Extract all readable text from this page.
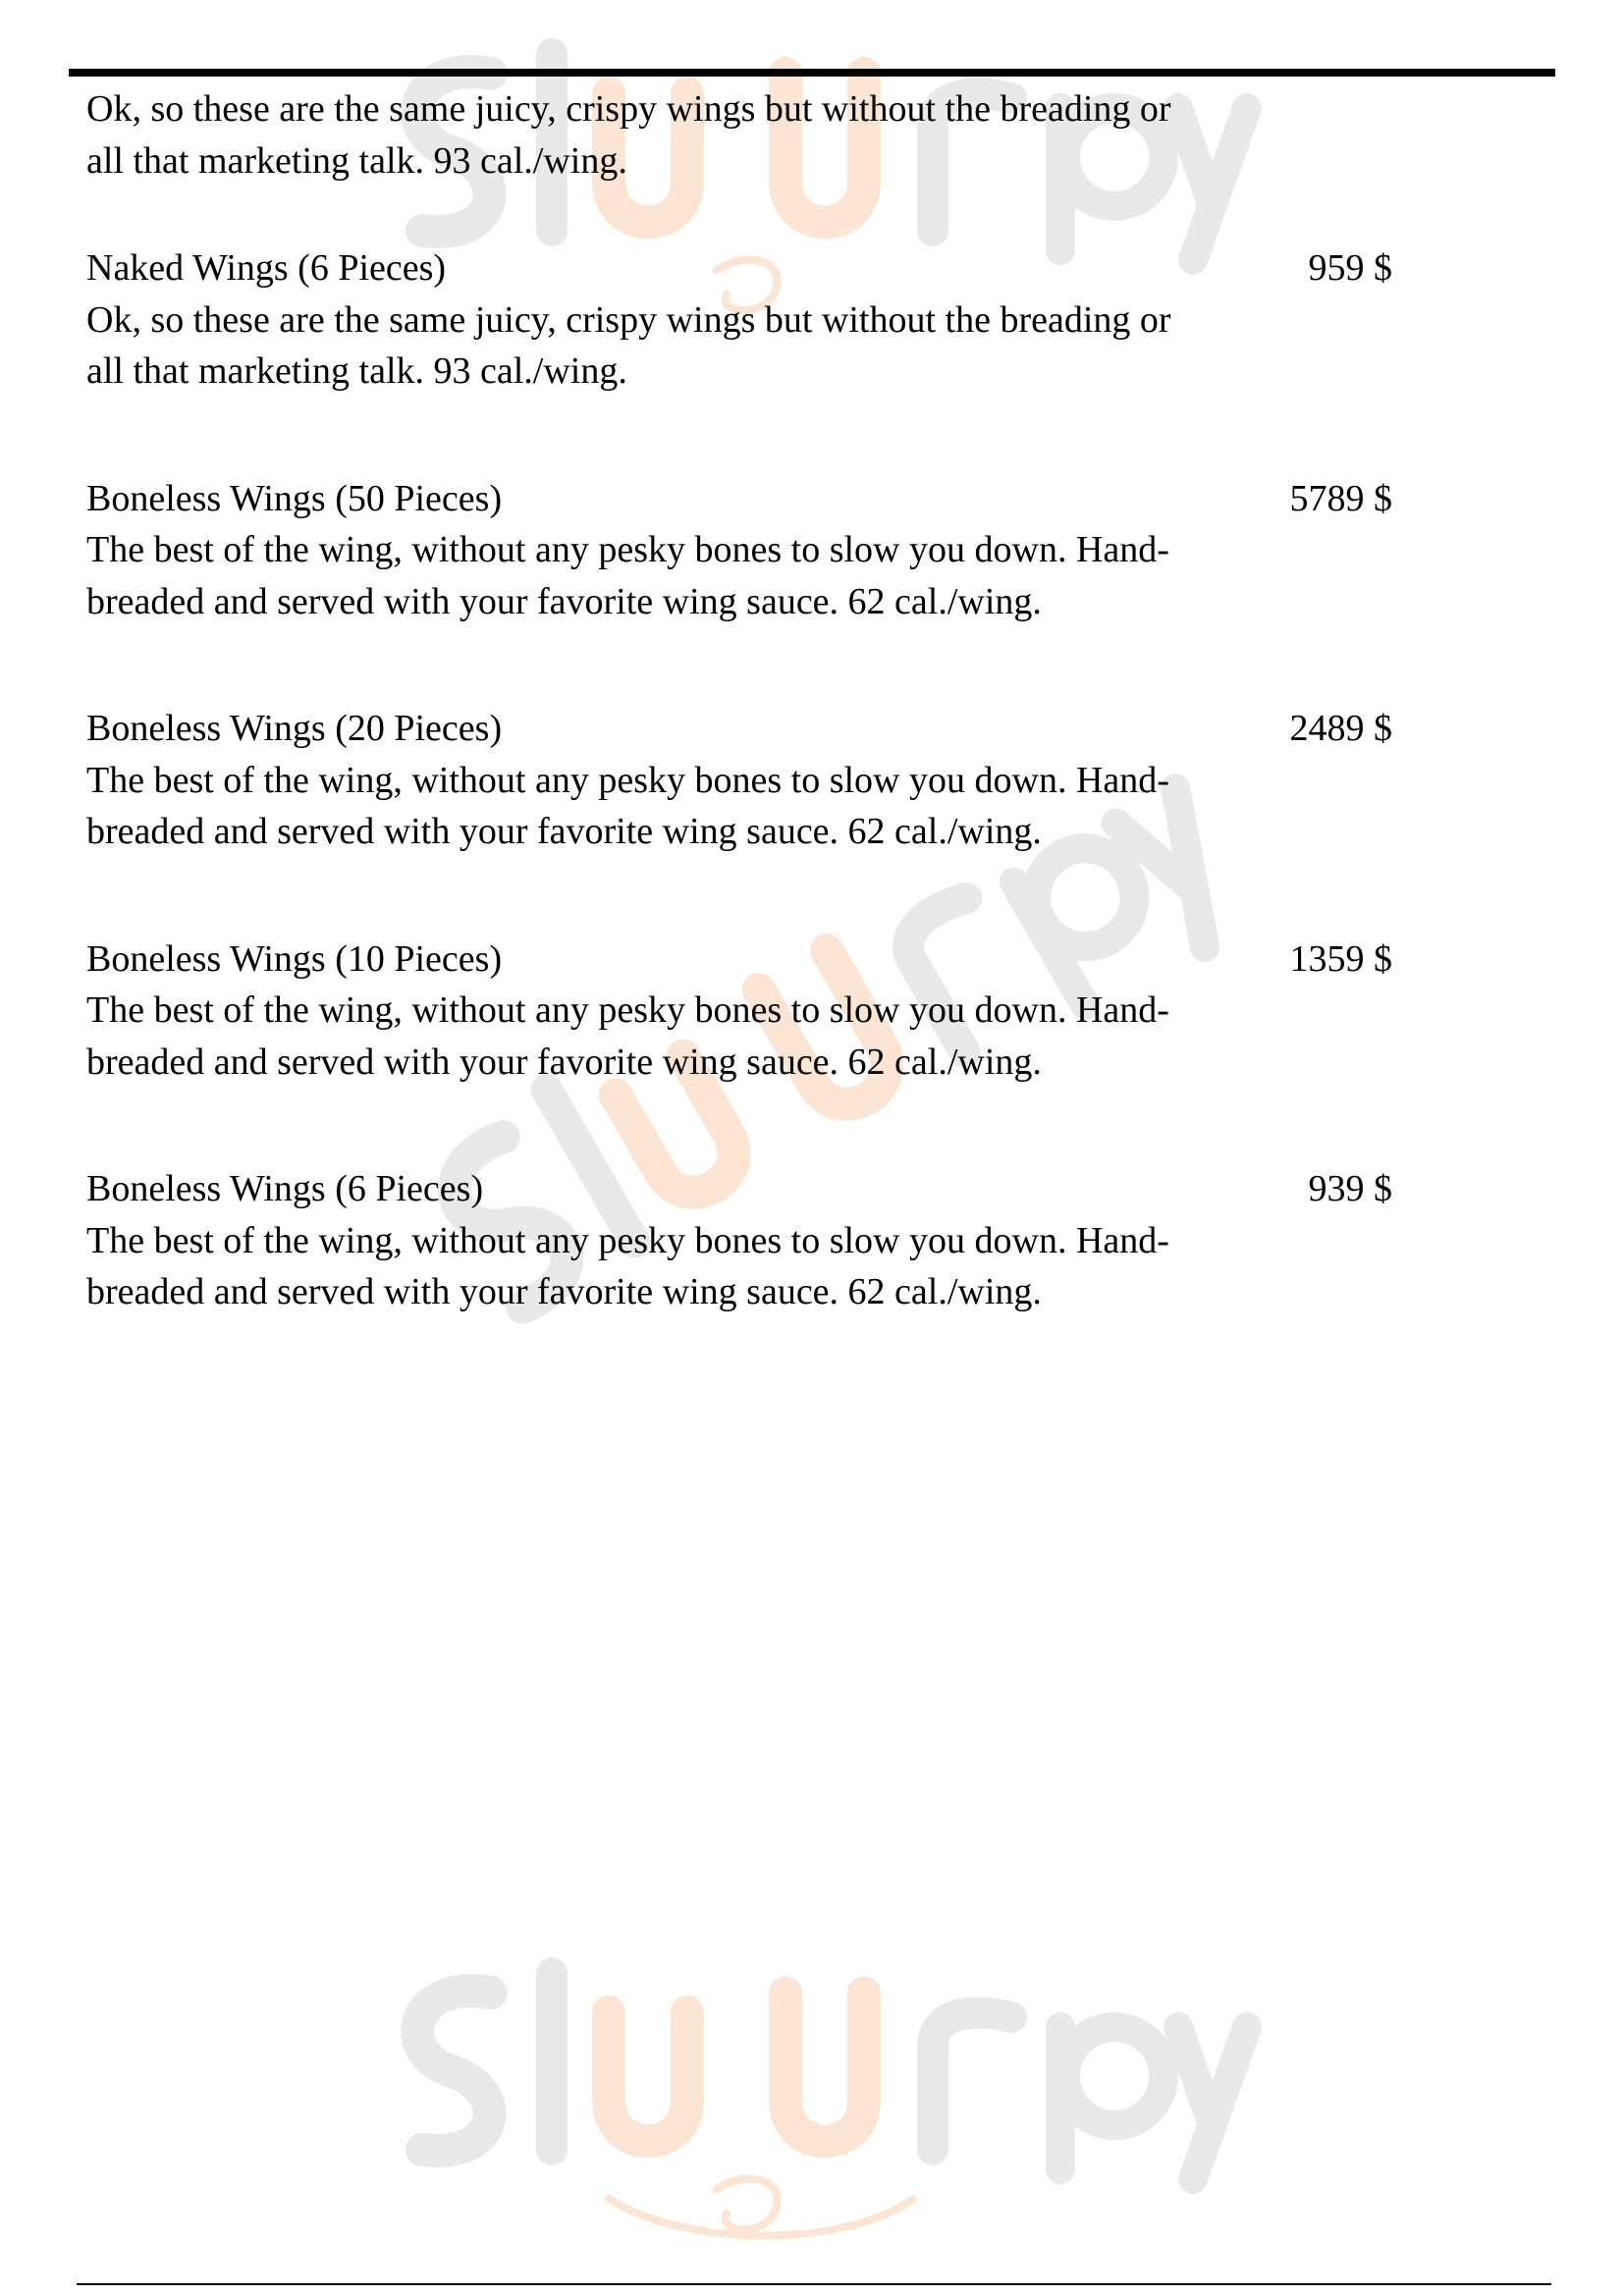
Ok, so these are the same juicy, crispy wings but without the breading or all that marketing talk. 93 cal./wing.
Naked Wings (6 Pieces)	959 $
Ok, so these are the same juicy, crispy wings but without the breading or all that marketing talk. 93 cal./wing.
Boneless Wings (50 Pieces)	5789 $
The best of the wing, without any pesky bones to slow you down. Hand-breaded and served with your favorite wing sauce. 62 cal./wing.
Boneless Wings (20 Pieces)	2489 $
The best of the wing, without any pesky bones to slow you down. Hand-breaded and served with your favorite wing sauce. 62 cal./wing.
Boneless Wings (10 Pieces)	1359 $
The best of the wing, without any pesky bones to slow you down. Hand-breaded and served with your favorite wing sauce. 62 cal./wing.
Boneless Wings (6 Pieces)	939 $
The best of the wing, without any pesky bones to slow you down. Hand-breaded and served with your favorite wing sauce. 62 cal./wing.
